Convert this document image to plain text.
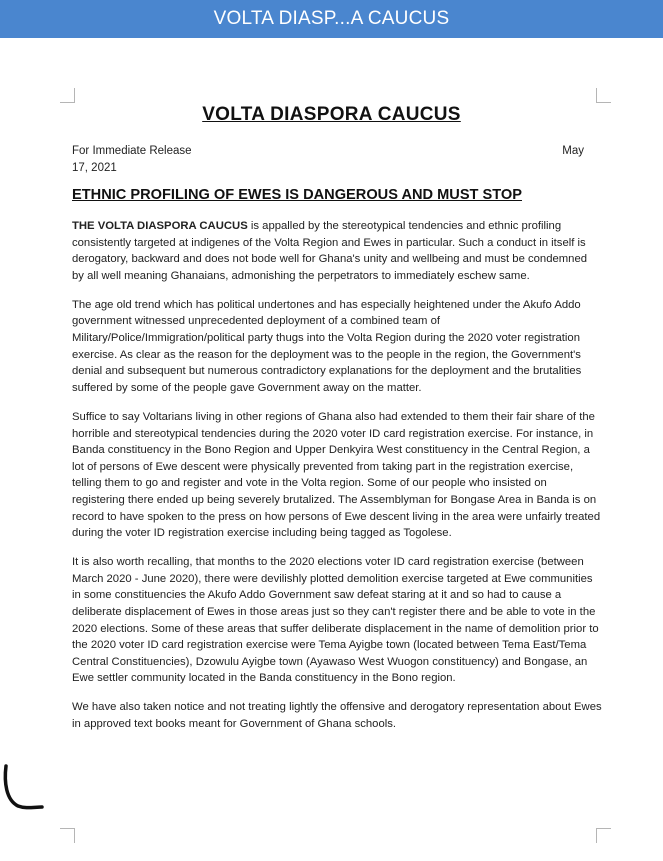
VOLTA DIASP...A CAUCUS
VOLTA DIASPORA CAUCUS
For Immediate Release	May
17, 2021
ETHNIC PROFILING OF EWES IS DANGEROUS AND MUST STOP

THE VOLTA DIASPORA CAUCUS is appalled by the stereotypical tendencies and ethnic profiling consistently targeted at indigenes of the Volta Region and Ewes in particular. Such a conduct in itself is derogatory, backward and does not bode well for Ghana's unity and wellbeing and must be condemned by all well meaning Ghanaians, admonishing the perpetrators to immediately eschew same.

The age old trend which has political undertones and has especially heightened under the Akufo Addo government witnessed unprecedented deployment of a combined team of Military/Police/Immigration/political party thugs into the Volta Region during the 2020 voter registration exercise. As clear as the reason for the deployment was to the people in the region, the Government's denial and subsequent but numerous contradictory explanations for the deployment and the brutalities suffered by some of the people gave Government away on the matter.

Suffice to say Voltarians living in other regions of Ghana also had extended to them their fair share of the horrible and stereotypical tendencies during the 2020 voter ID card registration exercise. For instance, in Banda constituency in the Bono Region and Upper Denkyira West constituency in the Central Region, a lot of persons of Ewe descent were physically prevented from taking part in the registration exercise, telling them to go and register and vote in the Volta region. Some of our people who insisted on registering there ended up being severely brutalized. The Assemblyman for Bongase Area in Banda is on record to have spoken to the press on how persons of Ewe descent living in the area were unfairly treated during the voter ID registration exercise including being tagged as Togolese.

It is also worth recalling, that months to the 2020 elections voter ID card registration exercise (between March 2020 - June 2020), there were devilishly plotted demolition exercise targeted at Ewe communities in some constituencies the Akufo Addo Government saw defeat staring at it and so had to cause a deliberate displacement of Ewes in those areas just so they can't register there and be able to vote in the 2020 elections. Some of these areas that suffer deliberate displacement in the name of demolition prior to the 2020 voter ID card registration exercise were Tema Ayigbe town (located between Tema East/Tema Central Constituencies), Dzowulu Ayigbe town (Ayawaso West Wuogon constituency) and Bongase, an Ewe settler community located in the Banda constituency in the Bono region.

We have also taken notice and not treating lightly the offensive and derogatory representation about Ewes in approved text books meant for Government of Ghana schools.
